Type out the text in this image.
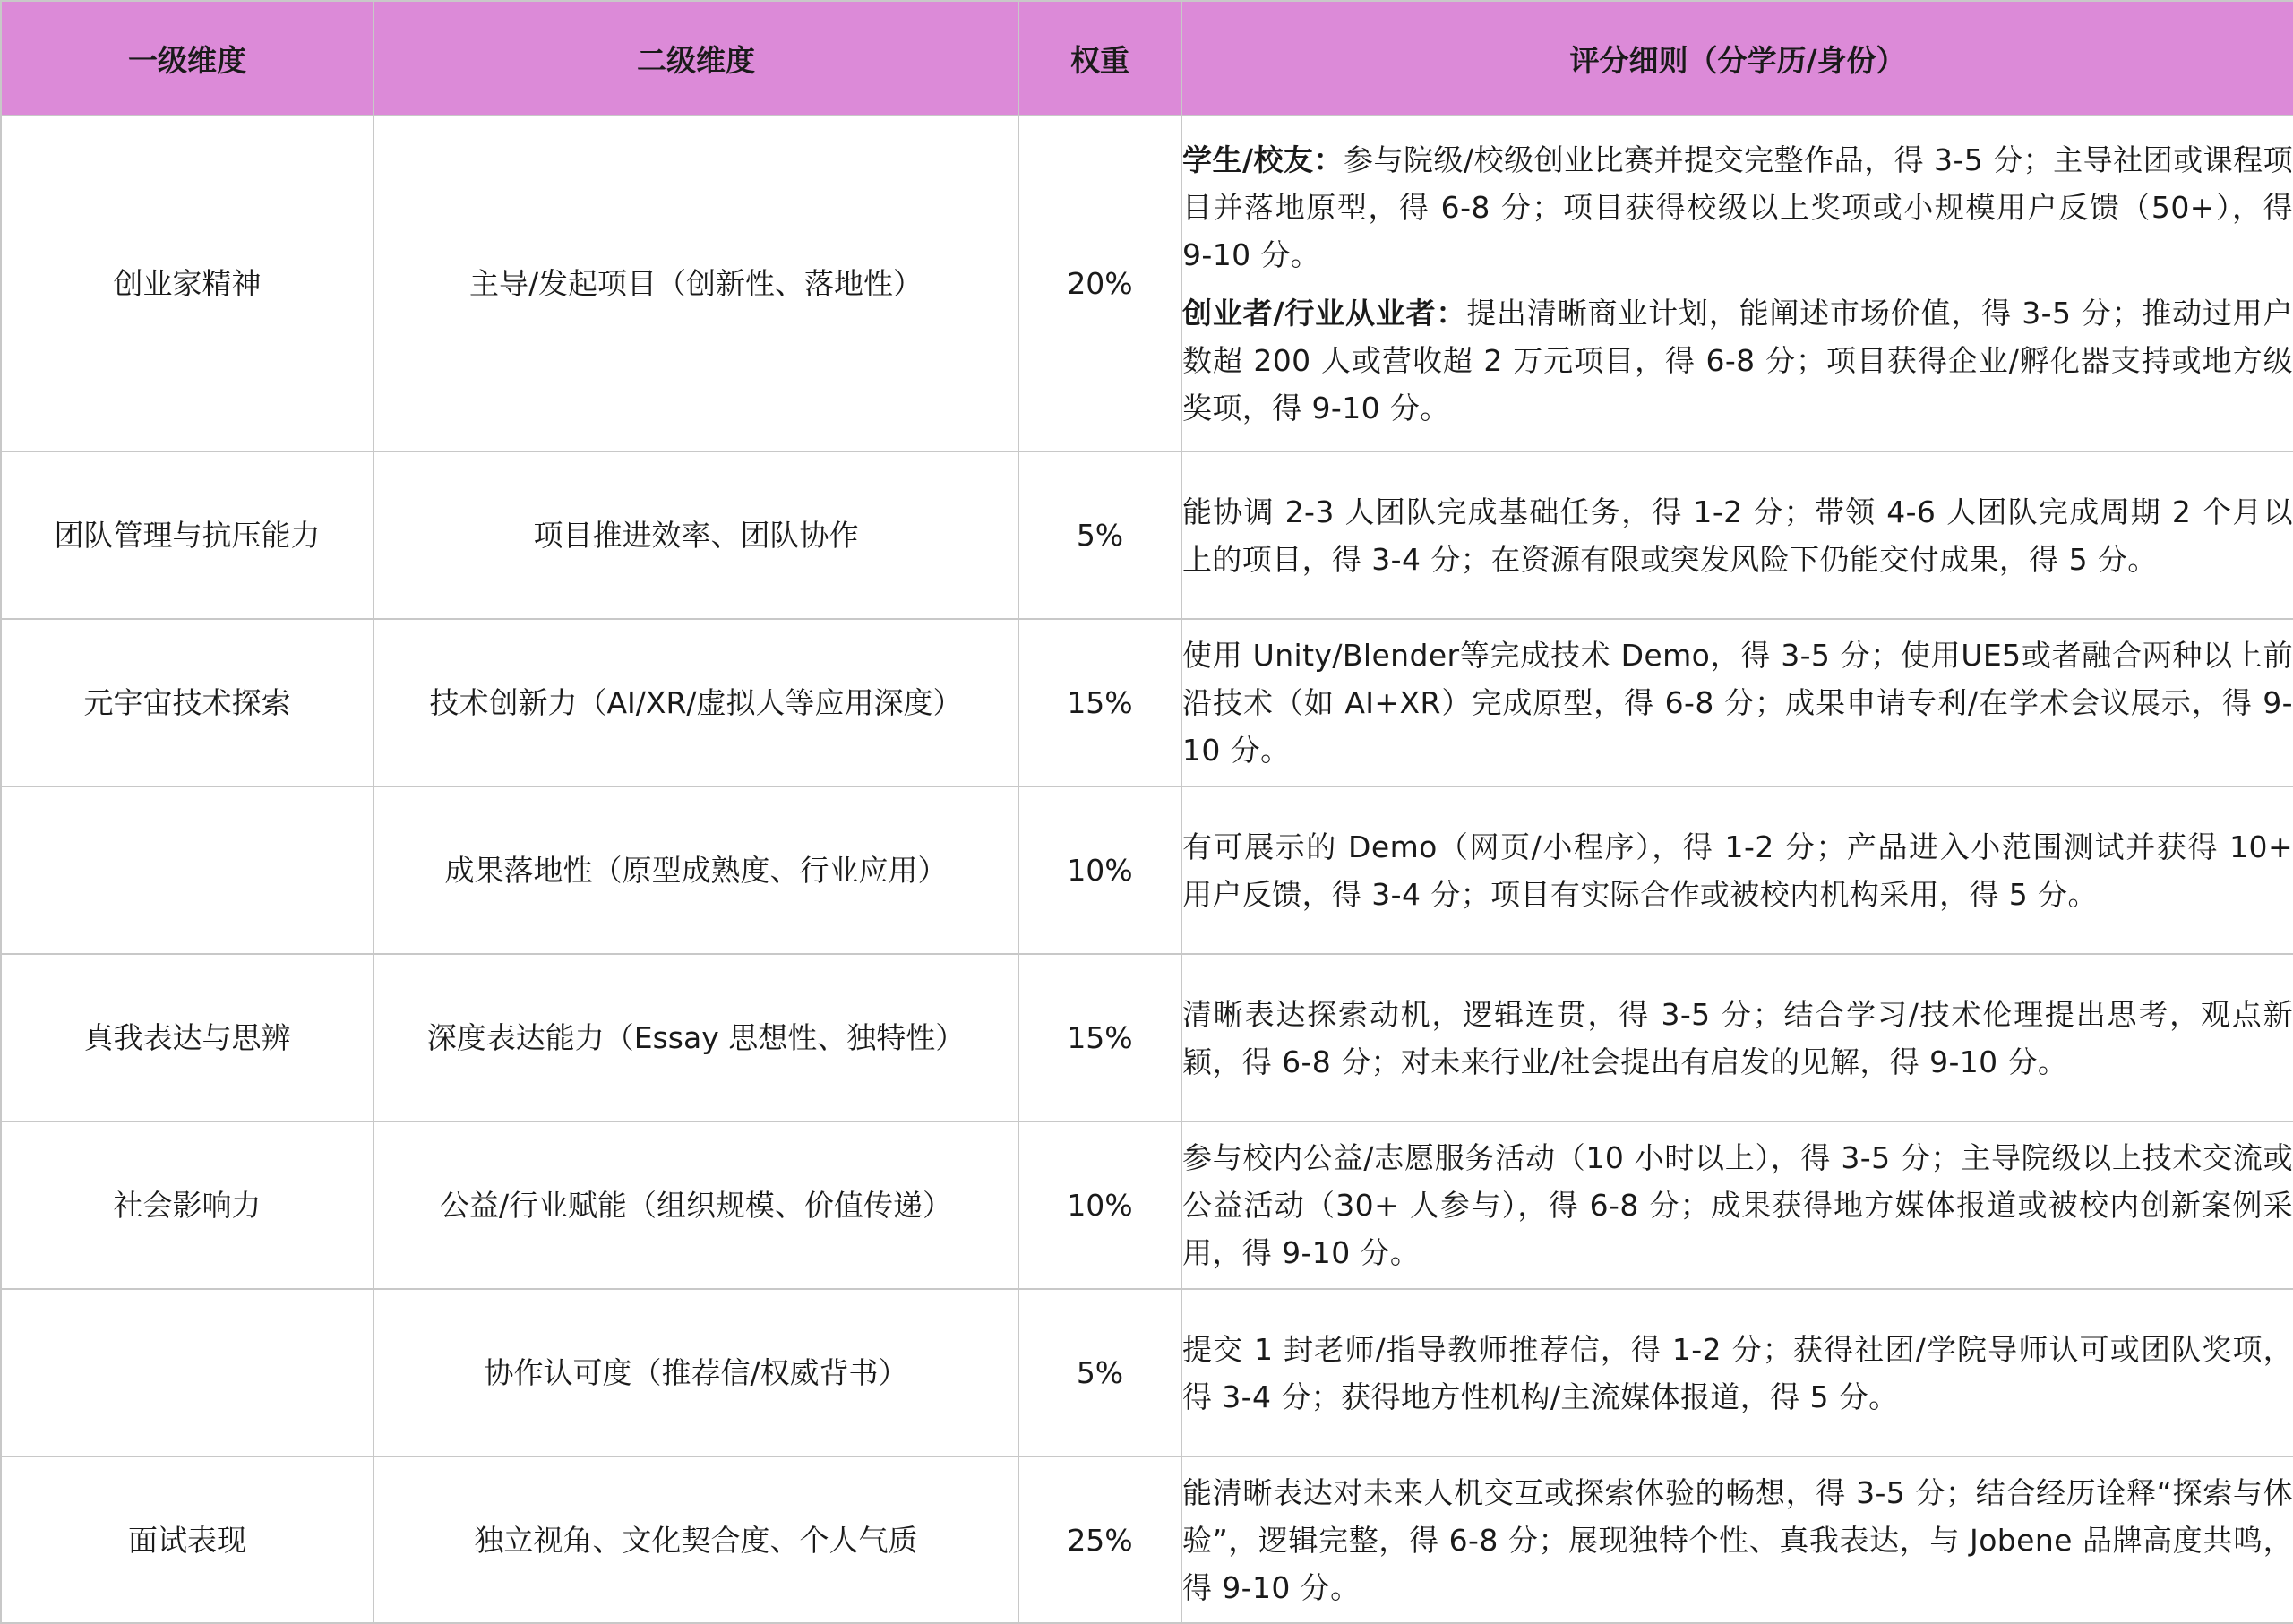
一级维度	二级维度	权重	评分细则（分学历/身份）
创业家精神	主导/发起项目（创新性、落地性）	20%	学生/校友：参与院级/校级创业比赛并提交完整作品，得 3-5 分；主导社团或课程项目并落地原型，得 6-8 分；项目获得校级以上奖项或小规模用户反馈（50+），得 9-10 分。

创业者/行业从业者：提出清晰商业计划，能阐述市场价值，得 3-5 分；推动过用户数超 200 人或营收超 2 万元项目，得 6-8 分；项目获得企业/孵化器支持或地方级奖项，得 9-10 分。

团队管理与抗压能力	项目推进效率、团队协作	5%	能协调 2-3 人团队完成基础任务，得 1-2 分；带领 4-6 人团队完成周期 2 个月以上的项目，得 3-4 分；在资源有限或突发风险下仍能交付成果，得 5 分。

元宇宙技术探索	技术创新力（AI/XR/虚拟人等应用深度）	15%	使用 Unity/Blender等完成技术 Demo，得 3-5 分；使用UE5或者融合两种以上前沿技术（如 AI+XR）完成原型，得 6-8 分；成果申请专利/在学术会议展示，得 9-10 分。

	成果落地性（原型成熟度、行业应用）	10%	有可展示的 Demo（网页/小程序），得 1-2 分；产品进入小范围测试并获得 10+ 用户反馈，得 3-4 分；项目有实际合作或被校内机构采用，得 5 分。

真我表达与思辨	深度表达能力（Essay 思想性、独特性）	15%	清晰表达探索动机，逻辑连贯，得 3-5 分；结合学习/技术伦理提出思考，观点新颖，得 6-8 分；对未来行业/社会提出有启发的见解，得 9-10 分。

社会影响力	公益/行业赋能（组织规模、价值传递）	10%	参与校内公益/志愿服务活动（10 小时以上），得 3-5 分；主导院级以上技术交流或公益活动（30+ 人参与），得 6-8 分；成果获得地方媒体报道或被校内创新案例采用，得 9-10 分。

	协作认可度（推荐信/权威背书）	5%	提交 1 封老师/指导教师推荐信，得 1-2 分；获得社团/学院导师认可或团队奖项，得 3-4 分；获得地方性机构/主流媒体报道，得 5 分。

面试表现	独立视角、文化契合度、个人气质	25%	能清晰表达对未来人机交互或探索体验的畅想，得 3-5 分；结合经历诠释“探索与体验”，逻辑完整，得 6-8 分；展现独特个性、真我表达，与 Jobene 品牌高度共鸣，得 9-10 分。
